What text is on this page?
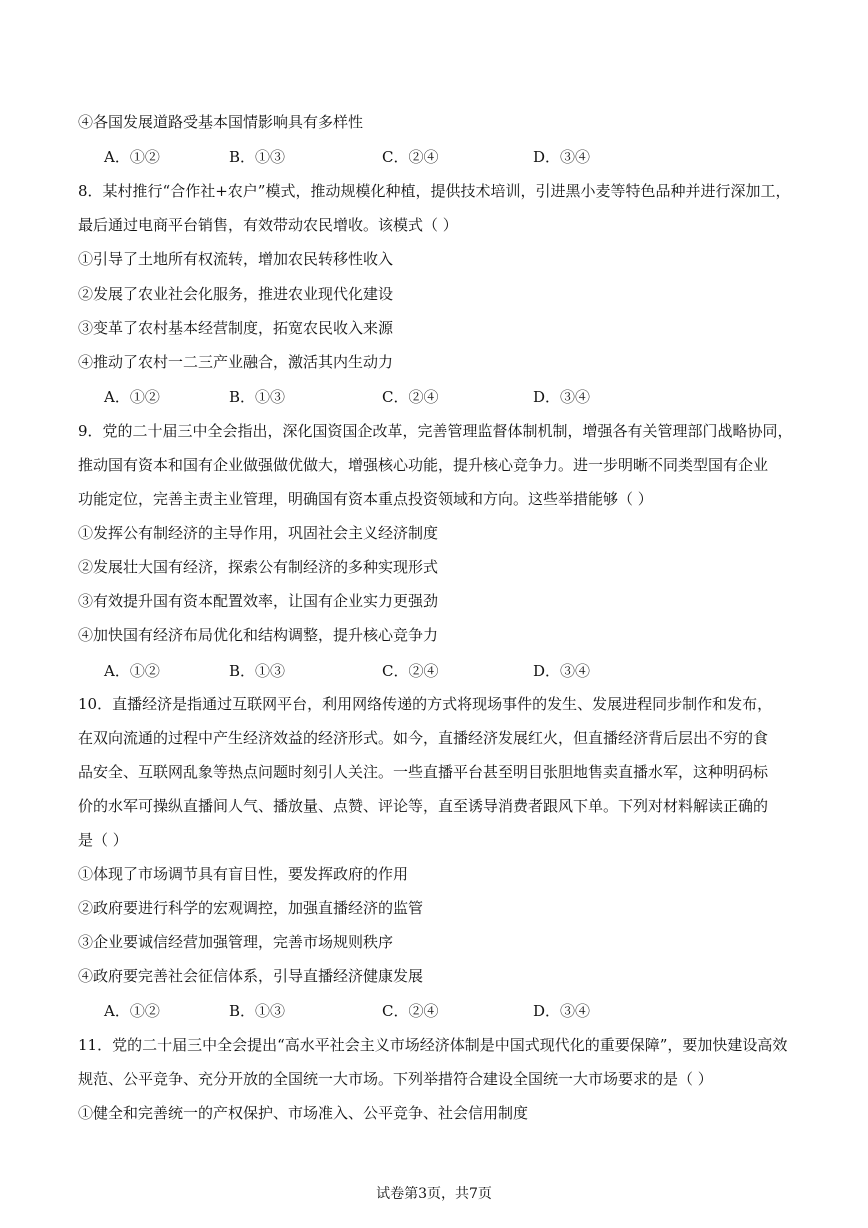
④各国发展道路受基本国情影响具有多样性
A．①②	B．①③	C．②④	D．③④
8．某村推行“合作社+农户”模式，推动规模化种植，提供技术培训，引进黑小麦等特色品种并进行深加工，
最后通过电商平台销售，有效带动农民增收。该模式（ ）
①引导了土地所有权流转，增加农民转移性收入
②发展了农业社会化服务，推进农业现代化建设
③变革了农村基本经营制度，拓宽农民收入来源
④推动了农村一二三产业融合，激活其内生动力
A．①②	B．①③	C．②④	D．③④
9．党的二十届三中全会指出，深化国资国企改革，完善管理监督体制机制，增强各有关管理部门战略协同，
推动国有资本和国有企业做强做优做大，增强核心功能，提升核心竞争力。进一步明晰不同类型国有企业
功能定位，完善主责主业管理，明确国有资本重点投资领域和方向。这些举措能够（ ）
①发挥公有制经济的主导作用，巩固社会主义经济制度
②发展壮大国有经济，探索公有制经济的多种实现形式
③有效提升国有资本配置效率，让国有企业实力更强劲
④加快国有经济布局优化和结构调整，提升核心竞争力
A．①②	B．①③	C．②④	D．③④
10．直播经济是指通过互联网平台，利用网络传递的方式将现场事件的发生、发展进程同步制作和发布，
在双向流通的过程中产生经济效益的经济形式。如今，直播经济发展红火，但直播经济背后层出不穷的食
品安全、互联网乱象等热点问题时刻引人关注。一些直播平台甚至明目张胆地售卖直播水军，这种明码标
价的水军可操纵直播间人气、播放量、点赞、评论等，直至诱导消费者跟风下单。下列对材料解读正确的
是（ ）
①体现了市场调节具有盲目性，要发挥政府的作用
②政府要进行科学的宏观调控，加强直播经济的监管
③企业要诚信经营加强管理，完善市场规则秩序
④政府要完善社会征信体系，引导直播经济健康发展
A．①②	B．①③	C．②④	D．③④
11．党的二十届三中全会提出“高水平社会主义市场经济体制是中国式现代化的重要保障”，要加快建设高效
规范、公平竞争、充分开放的全国统一大市场。下列举措符合建设全国统一大市场要求的是（ ）
①健全和完善统一的产权保护、市场准入、公平竞争、社会信用制度
试卷第3页，共7页
